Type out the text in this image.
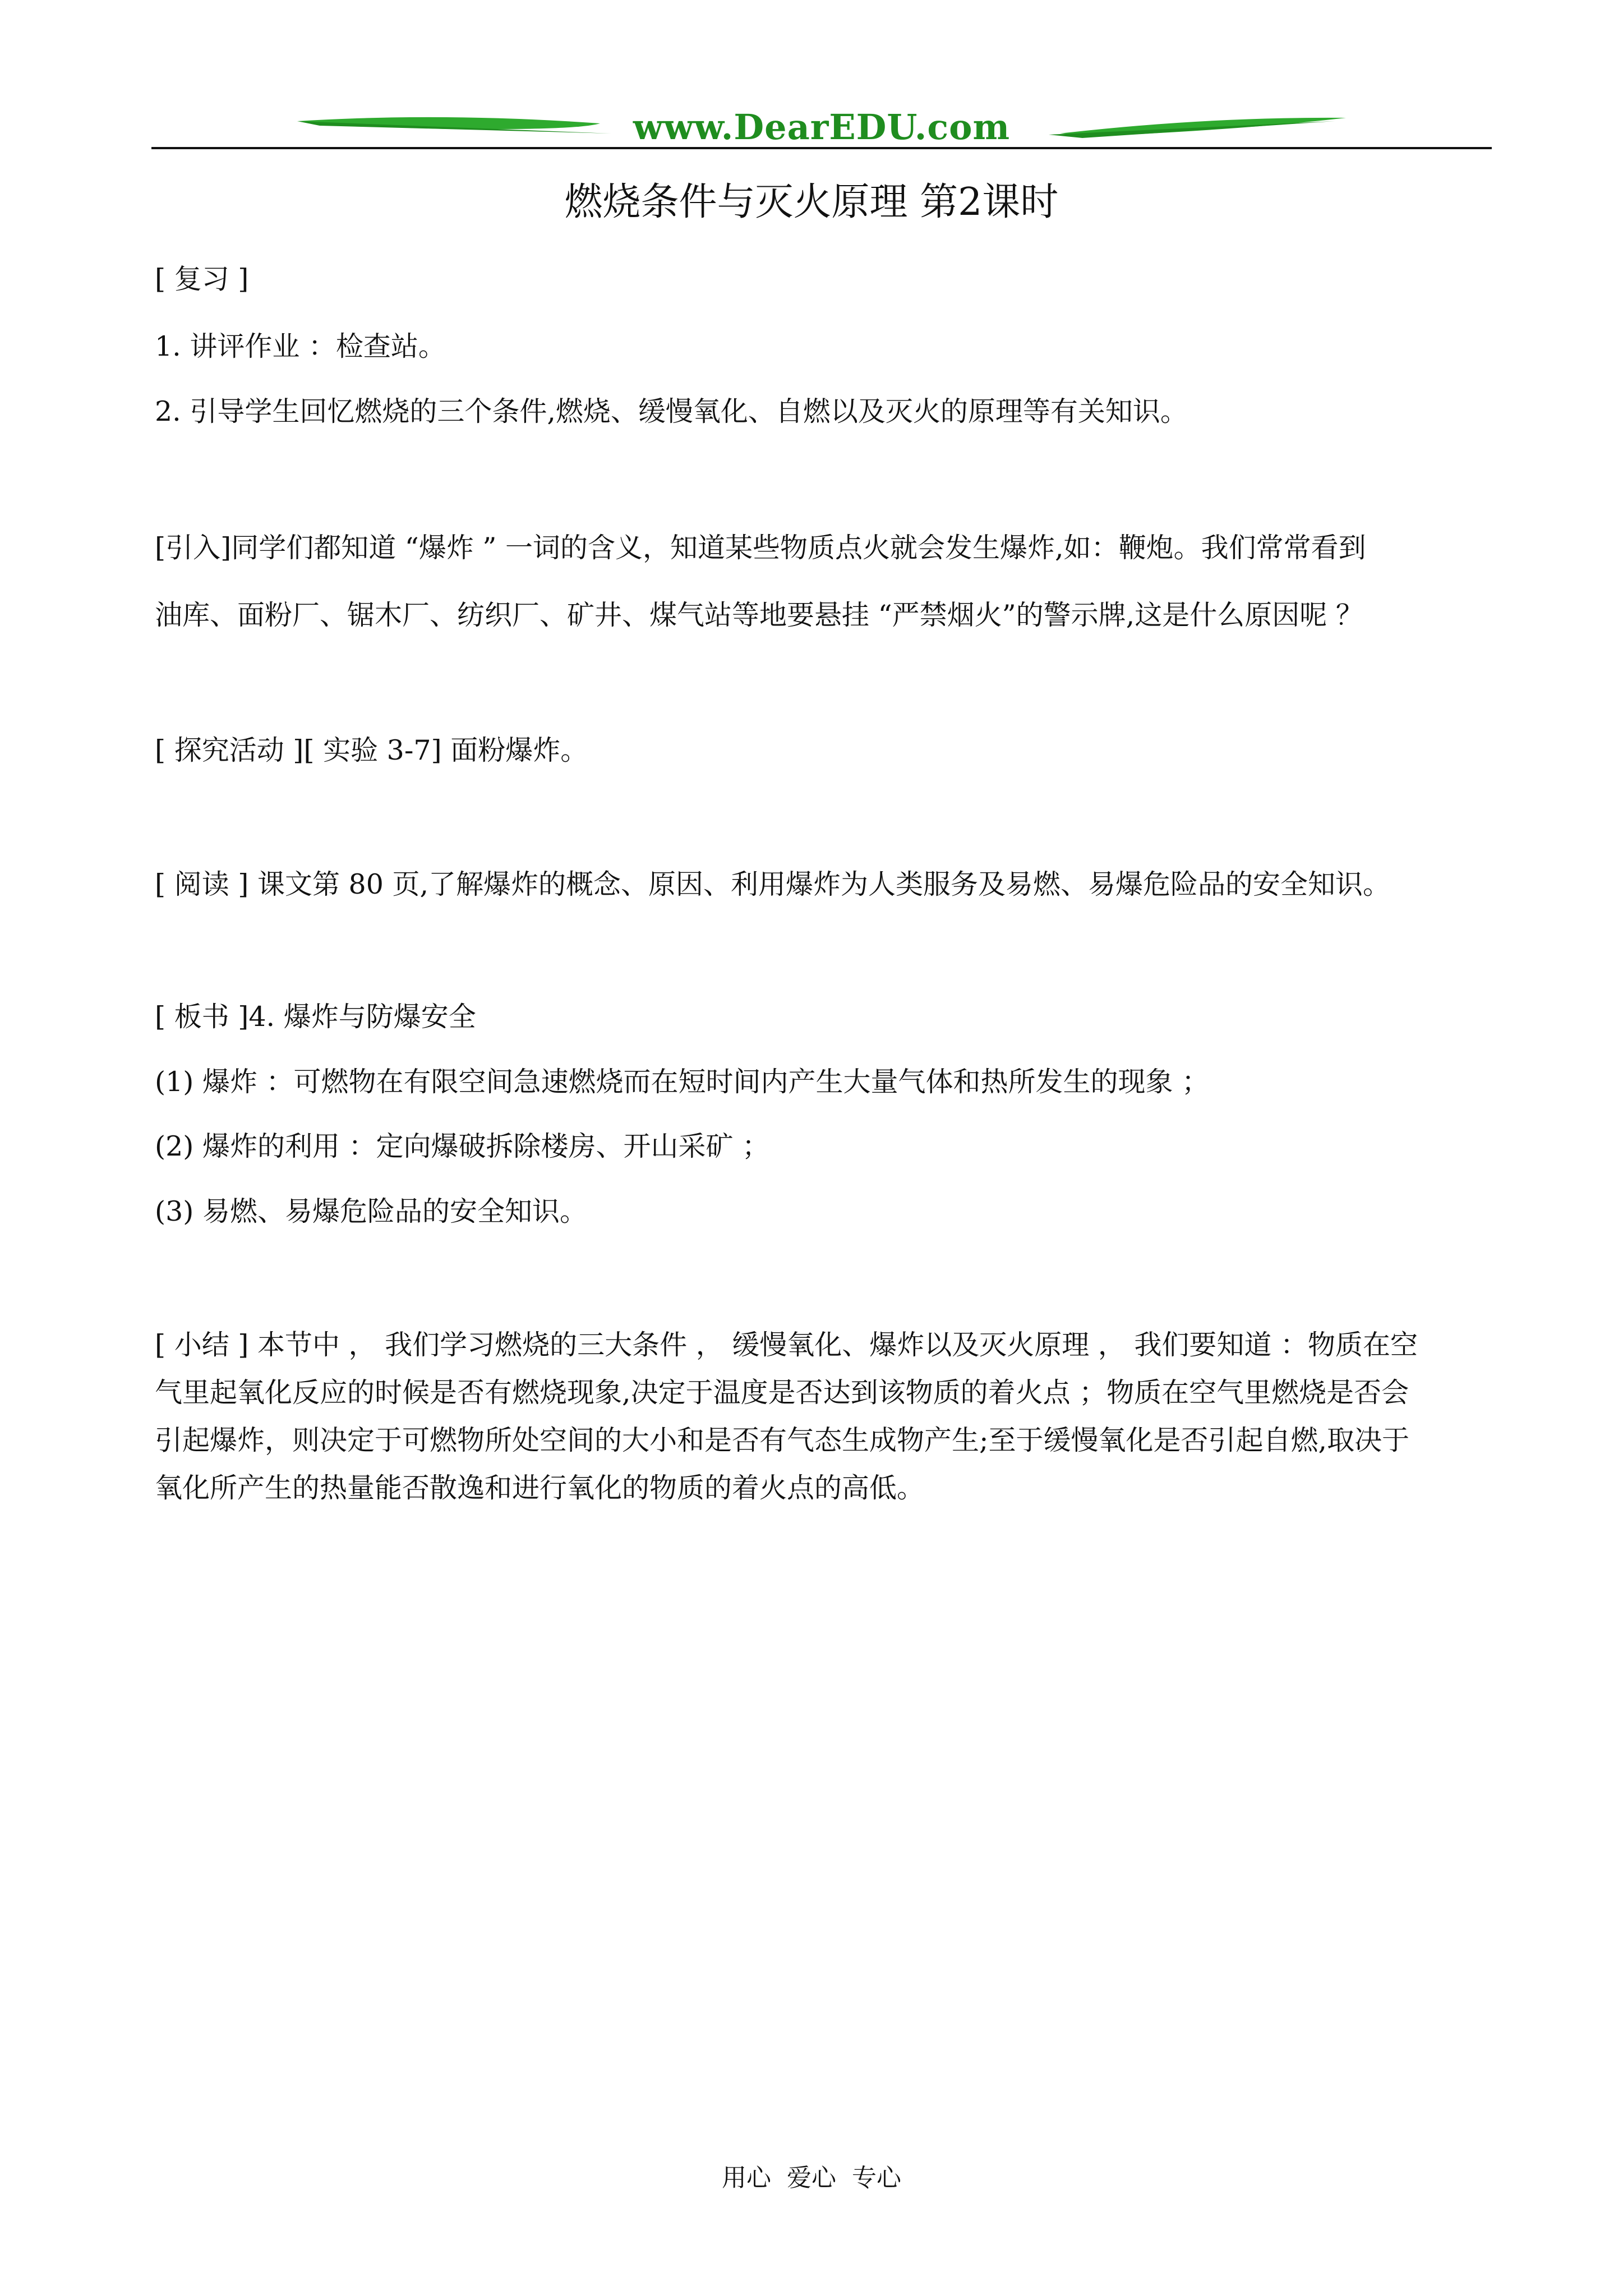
www.DearEDU.com
燃烧条件与灭火原理 第2课时
[ 复习 ]
1. 讲评作业 ：检查站。
2. 引导学生回忆燃烧的三个条件,燃烧、缓慢氧化、自燃以及灭火的原理等有关知识。
[引入]同学们都知道 “爆炸 ” 一词的含义，知道某些物质点火就会发生爆炸,如：鞭炮。我们常常看到
油库、面粉厂、锯木厂、纺织厂、矿井、煤气站等地要悬挂 “严禁烟火”的警示牌,这是什么原因呢 ？
[ 探究活动 ][ 实验 3-7] 面粉爆炸。
[ 阅读 ] 课文第 80 页,了解爆炸的概念、原因、利用爆炸为人类服务及易燃、易爆危险品的安全知识。
[ 板书 ]4. 爆炸与防爆安全
(1) 爆炸 ：可燃物在有限空间急速燃烧而在短时间内产生大量气体和热所发生的现象 ；
(2) 爆炸的利用 ：定向爆破拆除楼房、开山采矿 ；
(3) 易燃、易爆危险品的安全知识。
[ 小结 ] 本节中 ， 我们学习燃烧的三大条件 ， 缓慢氧化、爆炸以及灭火原理 ， 我们要知道 ：物质在空
气里起氧化反应的时候是否有燃烧现象,决定于温度是否达到该物质的着火点 ；物质在空气里燃烧是否会
引起爆炸，则决定于可燃物所处空间的大小和是否有气态生成物产生;至于缓慢氧化是否引起自燃,取决于
氧化所产生的热量能否散逸和进行氧化的物质的着火点的高低。
用心 爱心 专心
